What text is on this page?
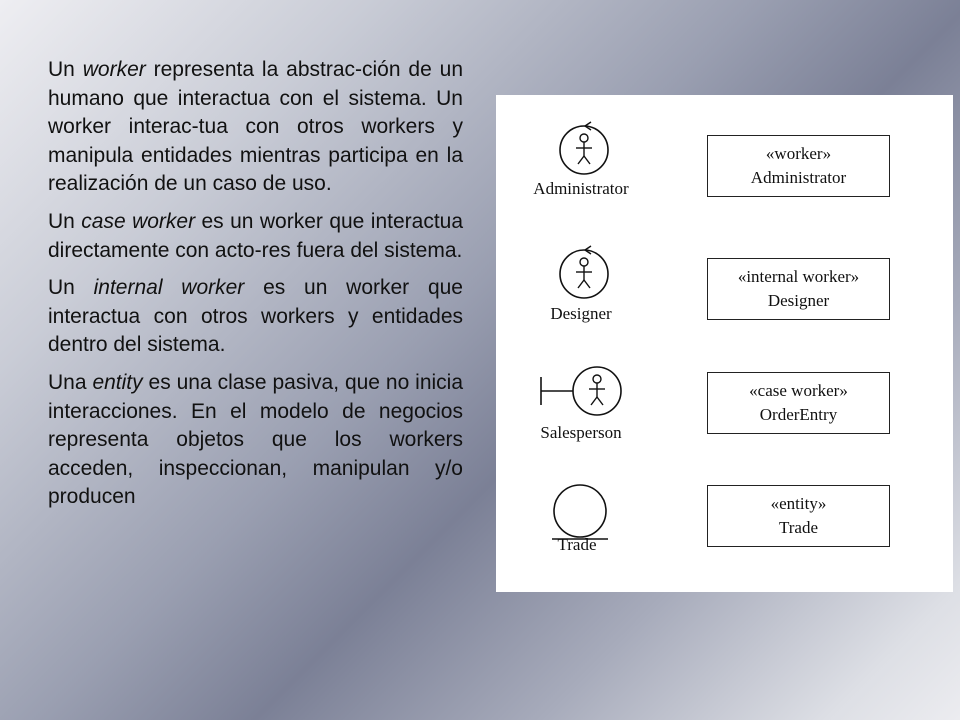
Un worker representa la abstrac-ción de un humano que interactua con el sistema. Un worker interac-tua con otros workers y manipula entidades mientras participa en la realización de un caso de uso.

Un case worker es un worker que interactua directamente con acto-res fuera del sistema.

Un internal worker es un worker que interactua con otros workers y entidades dentro del sistema.

Una entity es una clase pasiva, que no inicia interacciones. En el modelo de negocios representa objetos que los workers acceden, inspeccionan, manipulan y/o producen

Administrator
«worker»
Administrator
Designer
«internal worker»
Designer
Salesperson
«case worker»
OrderEntry
Trade
«entity»
Trade
